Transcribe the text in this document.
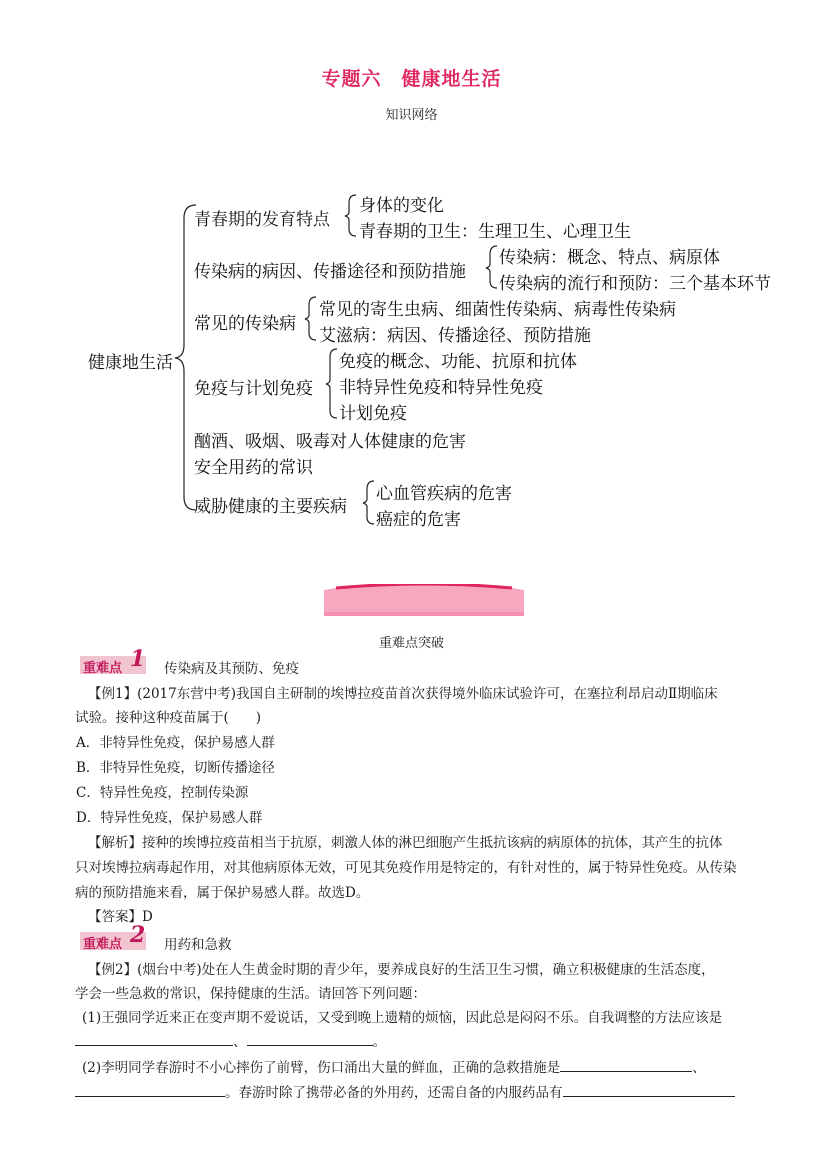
专题六　健康地生活
知识网络
健康地生活
青春期的发育特点
身体的变化
青春期的卫生：生理卫生、心理卫生
传染病的病因、传播途径和预防措施
传染病：概念、特点、病原体
传染病的流行和预防：三个基本环节
常见的传染病
常见的寄生虫病、细菌性传染病、病毒性传染病
艾滋病：病因、传播途径、预防措施
免疫与计划免疫
免疫的概念、功能、抗原和抗体
非特异性免疫和特异性免疫
计划免疫
酗酒、吸烟、吸毒对人体健康的危害
安全用药的常识
威胁健康的主要疾病
心血管疾病的危害
癌症的危害
重难点突破
重难点 1 传染病及其预防、免疫
【例1】(2017东营中考)我国自主研制的埃博拉疫苗首次获得境外临床试验许可，在塞拉利昂启动Ⅱ期临床
试验。接种这种疫苗属于(　　)
A．非特异性免疫，保护易感人群
B．非特异性免疫，切断传播途径
C．特异性免疫，控制传染源
D．特异性免疫，保护易感人群
【解析】接种的埃博拉疫苗相当于抗原，刺激人体的淋巴细胞产生抵抗该病的病原体的抗体，其产生的抗体
只对埃博拉病毒起作用，对其他病原体无效，可见其免疫作用是特定的，有针对性的，属于特异性免疫。从传染
病的预防措施来看，属于保护易感人群。故选D。
【答案】D
重难点 2 用药和急救
【例2】(烟台中考)处在人生黄金时期的青少年，要养成良好的生活卫生习惯，确立积极健康的生活态度，
学会一些急救的常识，保持健康的生活。请回答下列问题：
(1)王强同学近来正在变声期不爱说话，又受到晚上遗精的烦恼，因此总是闷闷不乐。自我调整的方法应该是
、	。
(2)李明同学春游时不小心摔伤了前臂，伤口涌出大量的鲜血，正确的急救措施是	、
。春游时除了携带必备的外用药，还需自备的内服药品有
